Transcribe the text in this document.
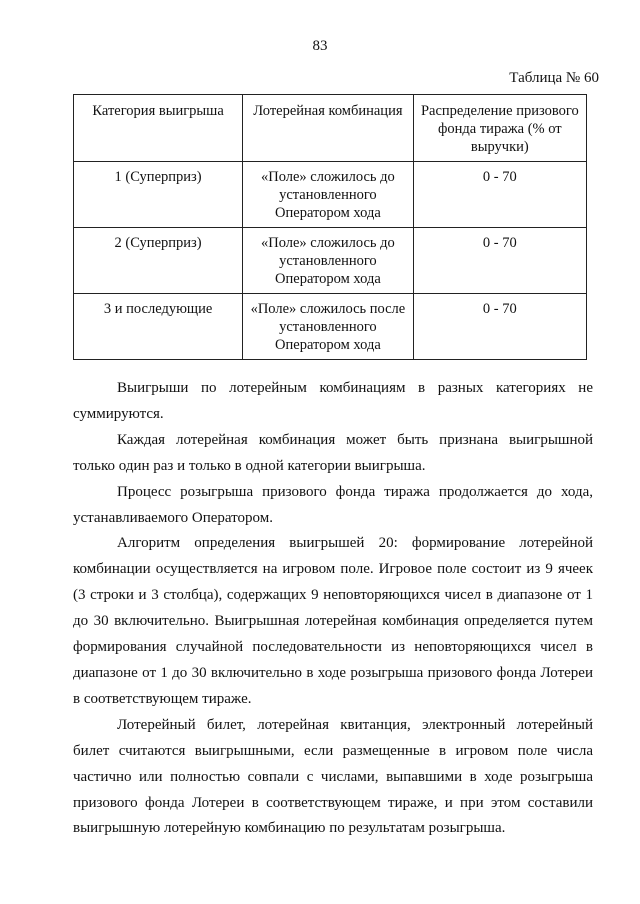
83
Таблица № 60
Категория выигрыша	Лотерейная комбинация	Распределение призового фонда тиража (% от выручки)
1 (Суперприз)	«Поле» сложилось до установленного Оператором хода	0 - 70
2 (Суперприз)	«Поле» сложилось до установленного Оператором хода	0 - 70
3 и последующие	«Поле» сложилось после установленного Оператором хода	0 - 70

Выигрыши по лотерейным комбинациям в разных категориях не суммируются.

Каждая лотерейная комбинация может быть признана выигрышной только один раз и только в одной категории выигрыша.

Процесс розыгрыша призового фонда тиража продолжается до хода, устанавливаемого Оператором.

Алгоритм определения выигрышей 20: формирование лотерейной комбинации осуществляется на игровом поле. Игровое поле состоит из 9 ячеек (3 строки и 3 столбца), содержащих 9 неповторяющихся чисел в диапазоне от 1 до 30 включительно. Выигрышная лотерейная комбинация определяется путем формирования случайной последовательности из неповторяющихся чисел в диапазоне от 1 до 30 включительно в ходе розыгрыша призового фонда Лотереи в соответствующем тираже.

Лотерейный билет, лотерейная квитанция, электронный лотерейный билет считаются выигрышными, если размещенные в игровом поле числа частично или полностью совпали с числами, выпавшими в ходе розыгрыша призового фонда Лотереи в соответствующем тираже, и при этом составили выигрышную лотерейную комбинацию по результатам розыгрыша.
